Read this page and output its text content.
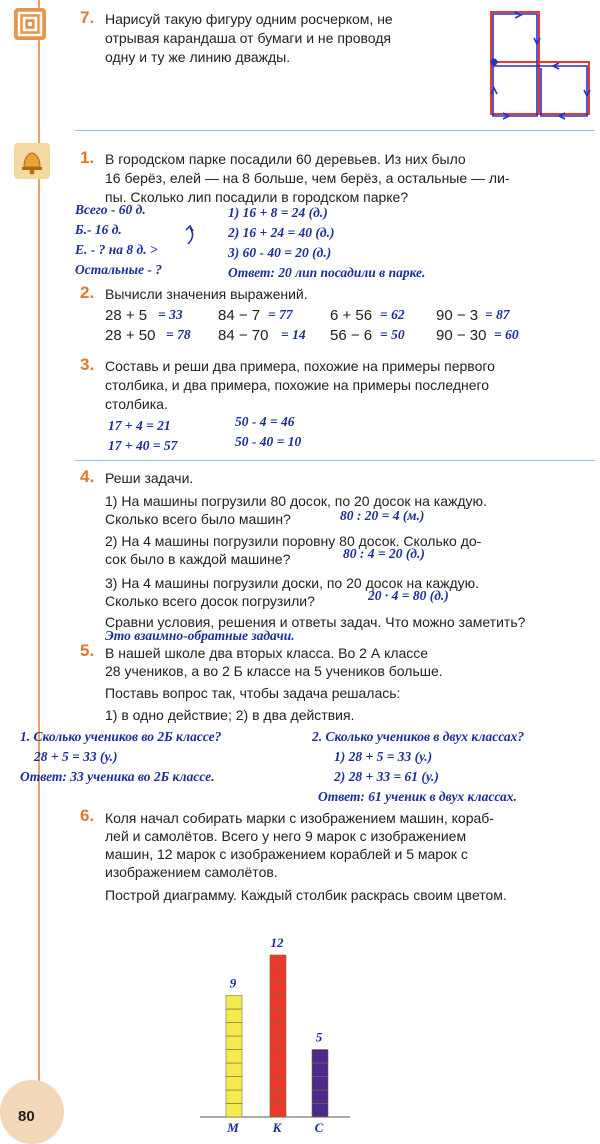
7. Нарисуй такую фигуру одним росчерком, не
отрывая карандаша от бумаги и не проводя
одну и ту же линию дважды.
1. В городском парке посадили 60 деревьев. Из них было
16 берёз, елей — на 8 больше, чем берёз, а остальные — ли-
пы. Сколько лип посадили в городском парке?
Всего - 60 д.
Б.- 16 д.
Е. - ? на 8 д. >
Остальные - ?
1) 16 + 8 = 24 (д.)
2) 16 + 24 = 40 (д.)
3) 60 - 40 = 20 (д.)
Ответ: 20 лип посадили в парке.
2. Вычисли значения выражений.
28 + 5 = 33 84 − 7 = 77 6 + 56 = 62 90 − 3 = 87
28 + 50 = 78 84 − 70 = 14 56 − 6 = 50 90 − 30 = 60
3. Составь и реши два примера, похожие на примеры первого
столбика, и два примера, похожие на примеры последнего
столбика.
17 + 4 = 21
17 + 40 = 57
50 - 4 = 46
50 - 40 = 10
4. Реши задачи.
1) На машины погрузили 80 досок, по 20 досок на каждую.
Сколько всего было машин?	80 : 20 = 4 (м.)
2) На 4 машины погрузили поровну 80 досок. Сколько до-
сок было в каждой машине?	80 : 4 = 20 (д.)
3) На 4 машины погрузили доски, по 20 досок на каждую.
Сколько всего досок погрузили?	20 · 4 = 80 (д.)
Сравни условия, решения и ответы задач. Что можно заметить?
Это взаимно-обратные задачи.
5. В нашей школе два вторых класса. Во 2 А классе
28 учеников, а во 2 Б классе на 5 учеников больше.
Поставь вопрос так, чтобы задача решалась:
1) в одно действие; 2) в два действия.
1. Сколько учеников во 2Б классе?
28 + 5 = 33 (у.)
Ответ: 33 ученика во 2Б классе.
2. Сколько учеников в двух классах?
1) 28 + 5 = 33 (у.)
2) 28 + 33 = 61 (у.)
Ответ: 61 ученик в двух классах.
6. Коля начал собирать марки с изображением машин, кораб-
лей и самолётов. Всего у него 9 марок с изображением
машин, 12 марок с изображением кораблей и 5 марок с
изображением самолётов.
Построй диаграмму. Каждый столбик раскрась своим цветом.
9
М
12
К
5
С
80
